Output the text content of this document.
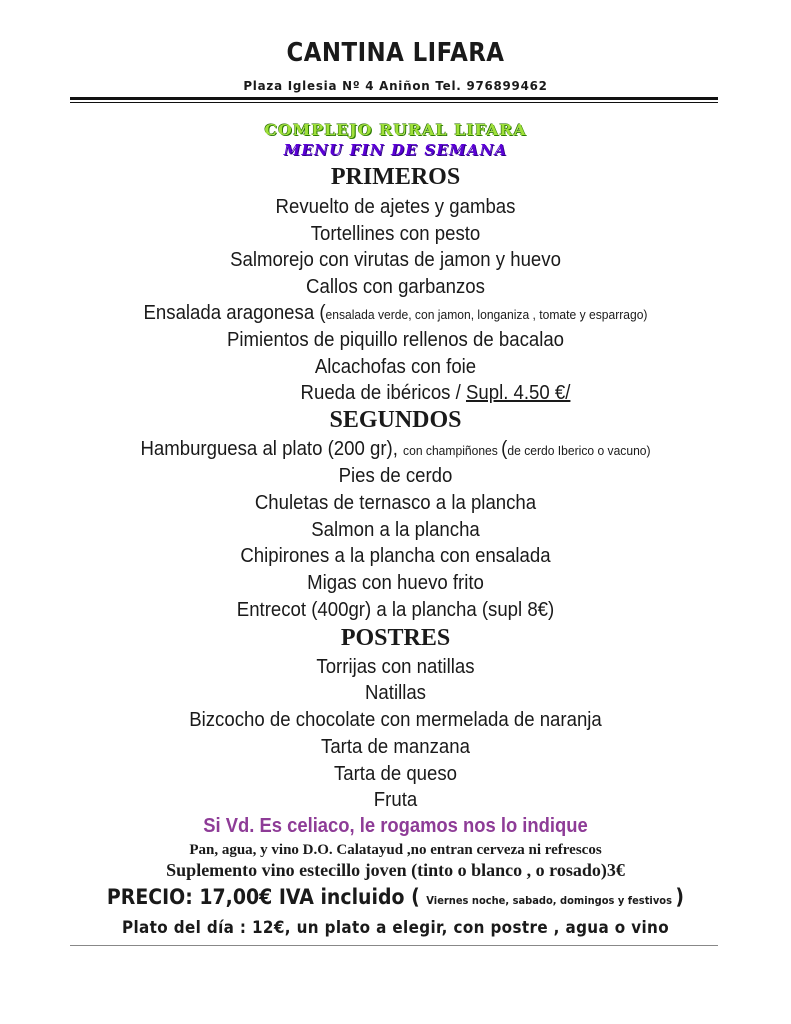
CANTINA LIFARA
Plaza Iglesia Nº 4 Aniñon Tel. 976899462
COMPLEJO RURAL LIFARA
MENU FIN DE SEMANA
PRIMEROS
Revuelto de ajetes y gambas
Tortellines con pesto
Salmorejo con virutas de jamon y huevo
Callos con garbanzos
Ensalada aragonesa (ensalada verde, con jamon, longaniza , tomate y esparrago)
Pimientos de piquillo rellenos de bacalao
Alcachofas con foie
Rueda de ibéricos / Supl. 4.50 €/
SEGUNDOS
Hamburguesa al plato (200 gr), con champiñones (de cerdo Iberico o vacuno)
Pies de cerdo
Chuletas de ternasco a la plancha
Salmon a la plancha
Chipirones a la plancha con ensalada
Migas con huevo frito
Entrecot (400gr) a la plancha (supl 8€)
POSTRES
Torrijas con natillas
Natillas
Bizcocho de chocolate con mermelada de naranja
Tarta de manzana
Tarta de queso
Fruta
Si Vd. Es celiaco, le rogamos nos lo indique
Pan, agua, y vino D.O. Calatayud ,no entran cerveza ni refrescos
Suplemento vino estecillo joven (tinto o blanco , o rosado)3€
PRECIO: 17,00€ IVA incluido ( Viernes noche, sabado, domingos y festivos )
Plato del día : 12€, un plato a elegir, con postre , agua o vino
